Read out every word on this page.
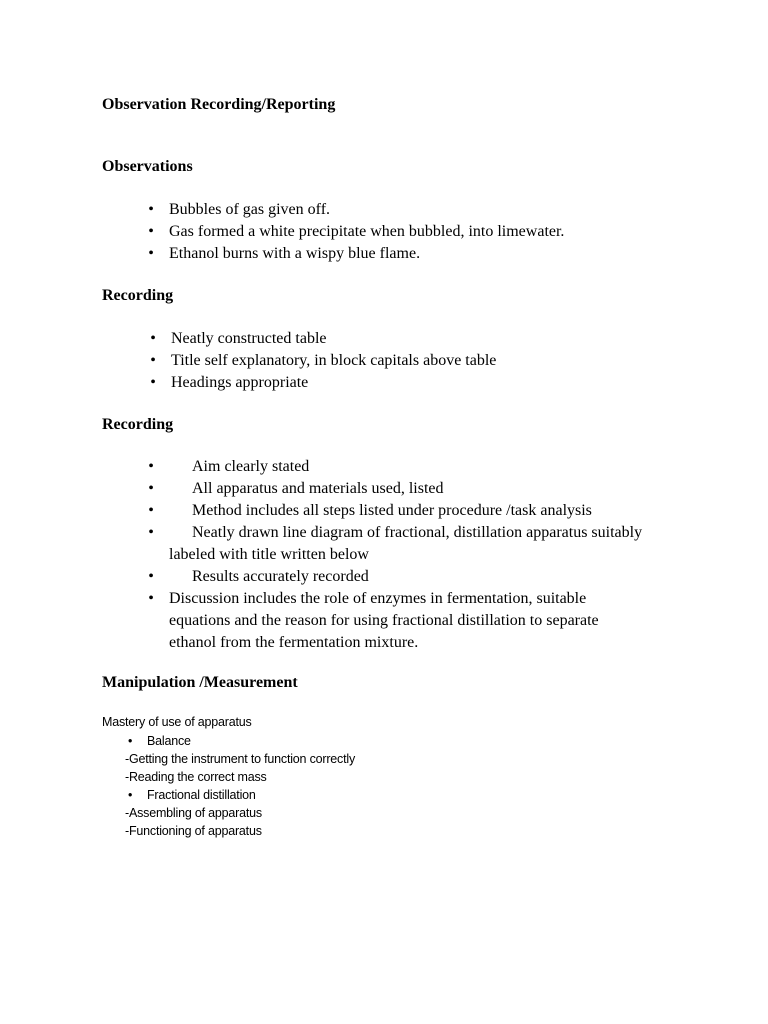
Observation Recording/Reporting
Observations
• Bubbles of gas given off.
• Gas formed a white precipitate when bubbled, into limewater.
• Ethanol burns with a wispy blue flame.
Recording
• Neatly constructed table
• Title self explanatory, in block capitals above table
• Headings appropriate
Recording
• Aim clearly stated
• All apparatus and materials used, listed
• Method includes all steps listed under procedure /task analysis
• Neatly drawn line diagram of fractional, distillation apparatus suitably labeled with title written below
• Results accurately recorded
• Discussion includes the role of enzymes in fermentation, suitable equations and the reason for using fractional distillation to separate ethanol from the fermentation mixture.
Manipulation /Measurement

Mastery of use of apparatus

• Balance

-Getting the instrument to function correctly

-Reading the correct mass

• Fractional distillation

-Assembling of apparatus

-Functioning of apparatus
